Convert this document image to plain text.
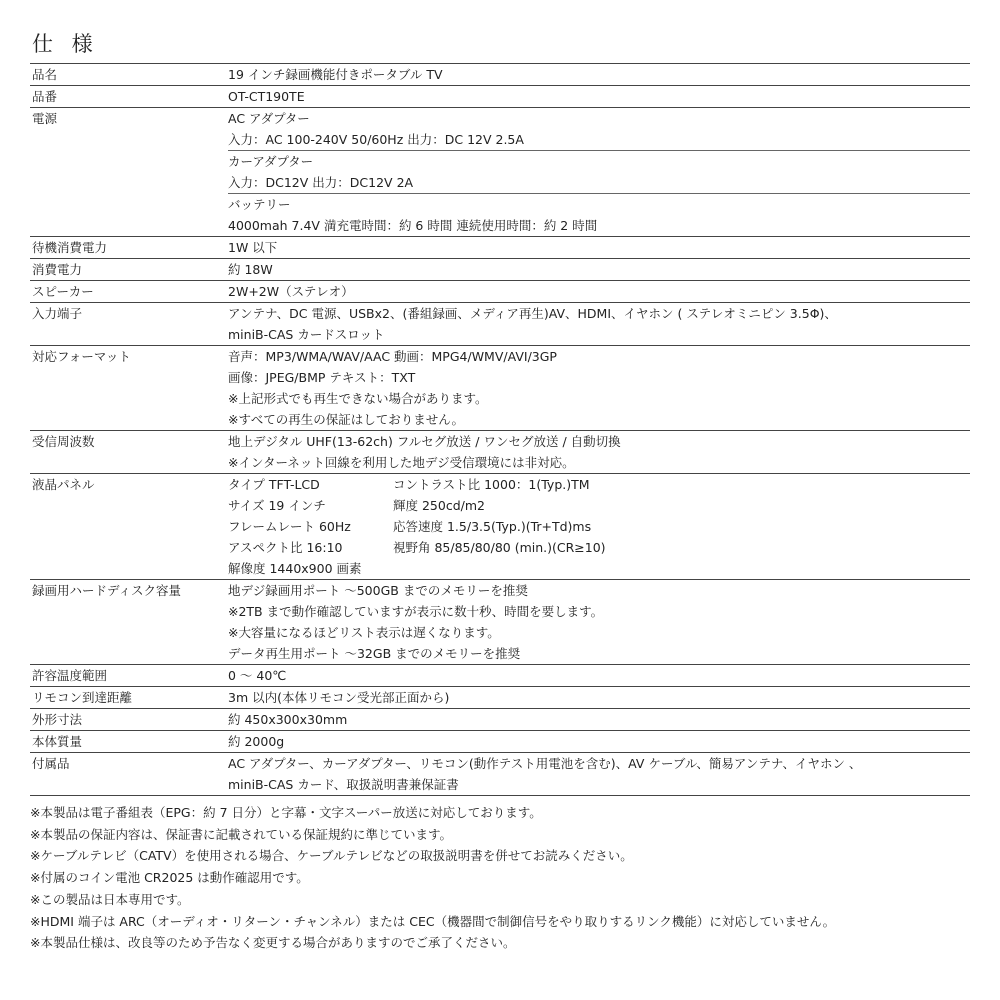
仕 様
品名	19 インチ録画機能付きポータブル TV
品番	OT-CT190TE
電源	AC アダプター
入力：AC 100-240V 50/60Hz 出力：DC 12V 2.5A
カーアダプター
入力：DC12V 出力：DC12V 2A
バッテリー
4000mah 7.4V 満充電時間：約 6 時間 連続使用時間：約 2 時間
待機消費電力	1W 以下
消費電力	約 18W
スピーカー	2W+2W（ステレオ）
入力端子	アンテナ、DC 電源、USBx2、(番組録画、メディア再生)AV、HDMI、イヤホン ( ステレオミニピン 3.5Φ)、
miniB-CAS カードスロット
対応フォーマット	音声：MP3/WMA/WAV/AAC 動画：MPG4/WMV/AVI/3GP
画像：JPEG/BMP テキスト：TXT
※上記形式でも再生できない場合があります。
※すべての再生の保証はしておりません。
受信周波数	地上デジタル UHF(13-62ch) フルセグ放送 / ワンセグ放送 / 自動切換
※インターネット回線を利用した地デジ受信環境には非対応。
液晶パネル	タイプ TFT-LCD	コントラスト比 1000：1(Typ.)TM
サイズ 19 インチ	輝度 250cd/m2
フレームレート 60Hz	応答速度 1.5/3.5(Typ.)(Tr+Td)ms
アスペクト比 16:10	視野角 85/85/80/80 (min.)(CR≥10)
解像度 1440x900 画素
録画用ハードディスク容量	地デジ録画用ポート ～500GB までのメモリーを推奨
※2TB まで動作確認していますが表示に数十秒、時間を要します。
※大容量になるほどリスト表示は遅くなります。
データ再生用ポート ～32GB までのメモリーを推奨
許容温度範囲	0 ～ 40℃
リモコン到達距離	3m 以内(本体リモコン受光部正面から)
外形寸法	約 450x300x30mm
本体質量	約 2000g
付属品	AC アダプター、カーアダプター、リモコン(動作テスト用電池を含む)、AV ケーブル、簡易アンテナ、イヤホン 、
miniB-CAS カード、取扱説明書兼保証書
※本製品は電子番組表（EPG：約 7 日分）と字幕・文字スーパー放送に対応しております。
※本製品の保証内容は、保証書に記載されている保証規約に準じています。
※ケーブルテレビ（CATV）を使用される場合、ケーブルテレビなどの取扱説明書を併せてお読みください。
※付属のコイン電池 CR2025 は動作確認用です。
※この製品は日本専用です。
※HDMI 端子は ARC（オーディオ・リターン・チャンネル）または CEC（機器間で制御信号をやり取りするリンク機能）に対応していません。
※本製品仕様は、改良等のため予告なく変更する場合がありますのでご承了ください。
